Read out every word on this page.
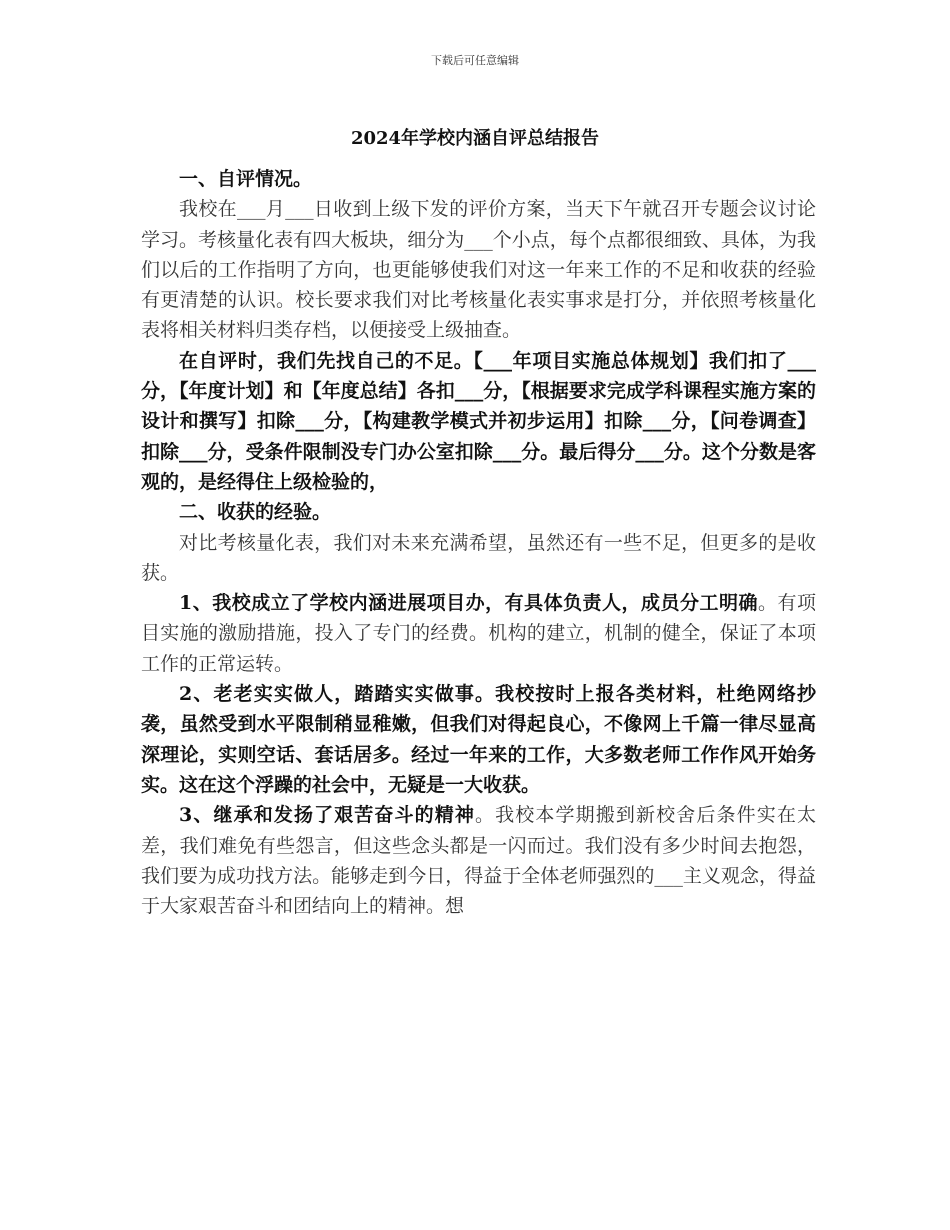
下载后可任意编辑
2024年学校内涵自评总结报告

一、自评情况。

我校在___月___日收到上级下发的评价方案，当天下午就召开专题会议讨论学习。考核量化表有四大板块，细分为___个小点，每个点都很细致、具体，为我们以后的工作指明了方向，也更能够使我们对这一年来工作的不足和收获的经验有更清楚的认识。校长要求我们对比考核量化表实事求是打分，并依照考核量化表将相关材料归类存档，以便接受上级抽查。

在自评时，我们先找自己的不足。【___年项目实施总体规划】我们扣了___分，【年度计划】和【年度总结】各扣___分，【根据要求完成学科课程实施方案的设计和撰写】扣除___分，【构建教学模式并初步运用】扣除___分，【问卷调查】扣除___分，受条件限制没专门办公室扣除___分。最后得分___分。这个分数是客观的，是经得住上级检验的，

二、收获的经验。

对比考核量化表，我们对未来充满希望，虽然还有一些不足，但更多的是收获。

1、我校成立了学校内涵进展项目办，有具体负责人，成员分工明确。有项目实施的激励措施，投入了专门的经费。机构的建立，机制的健全，保证了本项工作的正常运转。

2、老老实实做人，踏踏实实做事。我校按时上报各类材料，杜绝网络抄袭，虽然受到水平限制稍显稚嫩，但我们对得起良心，不像网上千篇一律尽显高深理论，实则空话、套话居多。经过一年来的工作，大多数老师工作作风开始务实。这在这个浮躁的社会中，无疑是一大收获。

3、继承和发扬了艰苦奋斗的精神。我校本学期搬到新校舍后条件实在太差，我们难免有些怨言，但这些念头都是一闪而过。我们没有多少时间去抱怨，我们要为成功找方法。能够走到今日，得益于全体老师强烈的___主义观念，得益于大家艰苦奋斗和团结向上的精神。想
